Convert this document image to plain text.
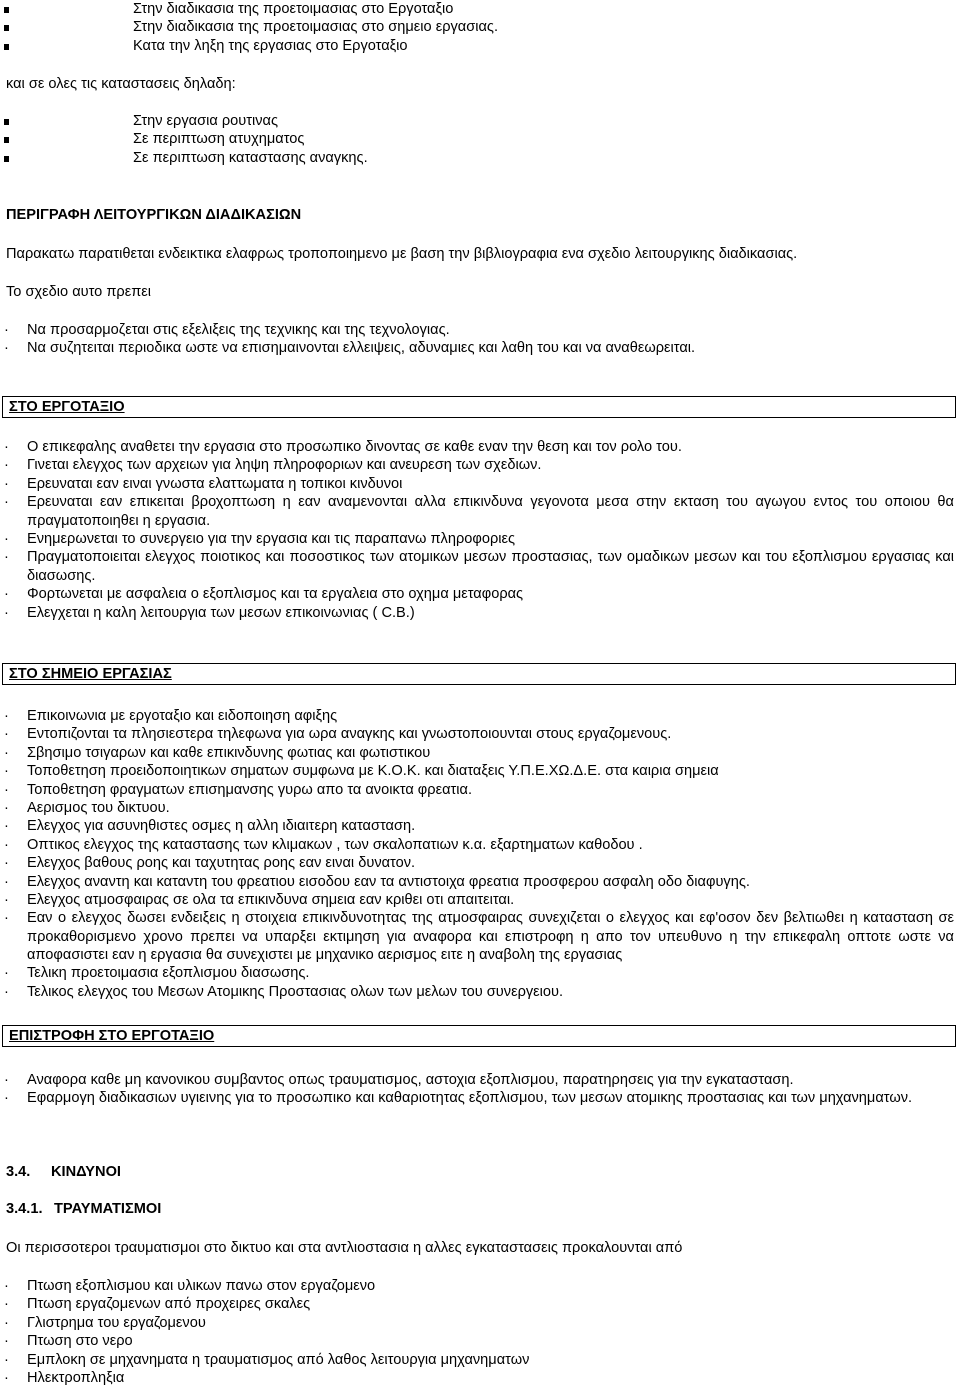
Στην διαδικασια της προετοιμασιας στο Εργοταξιο
Στην διαδικασια της προετοιμασιας στο σημειο εργασιας.
Κατα την ληξη της εργασιας στο Εργοταξιο
και σε ολες τις καταστασεις δηλαδη:
Στην εργασια ρουτινας
Σε περιπτωση ατυχηματος
Σε περιπτωση καταστασης αναγκης.
ΠΕΡΙΓΡΑΦΗ ΛΕΙΤΟΥΡΓΙΚΩΝ ΔΙΑΔΙΚΑΣΙΩΝ
Παρακατω παρατιθεται ενδεικτικα ελαφρως τροποποιημενο με βαση την βιβλιογραφια ενα σχεδιο λειτουργικης διαδικασιας.
Το σχεδιο αυτο πρεπει
· Να προσαρμοζεται στις εξελιξεις της τεχνικης και της τεχνολογιας.
· Να συζητειται περιοδικα ωστε να επισημαινονται ελλειψεις, αδυναμιες και λαθη του και να αναθεωρειται.
ΣΤΟ ΕΡΓΟΤΑΞΙΟ
· Ο επικεφαλης αναθετει την εργασια στο προσωπικο δινοντας σε καθε εναν την θεση και τον ρολο του.
· Γινεται ελεγχος των αρχειων για ληψη πληροφοριων και ανευρεση των σχεδιων.
· Ερευναται εαν ειναι γνωστα ελαττωματα η τοπικοι κινδυνοι
· Ερευναται εαν επικειται βροχοπτωση η εαν αναμενονται αλλα επικινδυνα γεγονοτα μεσα στην εκταση του αγωγου εντος του οποιου θα πραγματοποιηθει η εργασια.
· Ενημερωνεται το συνεργειο για την εργασια και τις παραπανω πληροφοριες
· Πραγματοποιειται ελεγχος ποιοτικος και ποσοστικος των ατομικων μεσων προστασιας, των ομαδικων μεσων και του εξοπλισμου εργασιας και διασωσης.
· Φορτωνεται με ασφαλεια ο εξοπλισμος και τα εργαλεια στο οχημα μεταφορας
· Ελεγχεται η καλη λειτουργια των μεσων επικοινωνιας ( C.B.)
ΣΤΟ ΣΗΜΕΙΟ ΕΡΓΑΣΙΑΣ
· Επικοινωνια με εργοταξιο και ειδοποιηση αφιξης
· Εντοπιζονται τα πλησιεστερα τηλεφωνα για ωρα αναγκης και γνωστοποιουνται στους εργαζομενους.
· Σβησιμο τσιγαρων και καθε επικινδυνης φωτιας και φωτιστικου
· Τοποθετηση προειδοποιητικων σηματων συμφωνα με Κ.Ο.Κ. και διαταξεις Υ.Π.Ε.ΧΩ.Δ.Ε. στα καιρια σημεια
· Τοποθετηση φραγματων επισημανσης γυρω απο τα ανοικτα φρεατια.
· Αερισμος του δικτυου.
· Ελεγχος για ασυνηθιστες οσμες η αλλη ιδιαιτερη κατασταση.
· Οπτικος ελεγχος της καταστασης των κλιμακων , των σκαλοπατιων κ.α. εξαρτηματων καθοδου .
· Ελεγχος βαθους ροης και ταχυτητας ροης εαν ειναι δυνατον.
· Ελεγχος αναντη και καταντη του φρεατιου εισοδου εαν τα αντιστοιχα φρεατια προσφερου ασφαλη οδο διαφυγης.
· Ελεγχος ατμοσφαιρας σε ολα τα επικινδυνα σημεια εαν κριθει οτι απαιτειται.
· Εαν ο ελεγχος δωσει ενδειξεις η στοιχεια επικινδυνοτητας της ατμοσφαιρας συνεχιζεται ο ελεγχος και εφ'οσον δεν βελτιωθει η κατασταση σε προκαθορισμενο χρονο πρεπει να υπαρξει εκτιμηση για αναφορα και επιστροφη η απο τον υπευθυνο η την επικεφαλη οπτοτε ωστε να αποφασιστει εαν η εργασια θα συνεχιστει με μηχανικο αερισμος ειτε η αναβολη της εργασιας
· Τελικη προετοιμασια εξοπλισμου διασωσης.
· Τελικος ελεγχος του Μεσων Ατομικης Προστασιας ολων των μελων του συνεργειου.
ΕΠΙΣΤΡΟΦΗ ΣΤΟ ΕΡΓΟΤΑΞΙΟ
· Αναφορα καθε μη κανονικου συμβαντος οπως τραυματισμος, αστοχια εξοπλισμου, παρατηρησεις για την εγκατασταση.
· Εφαρμογη διαδικασιων υγιεινης για το προσωπικο και καθαριοτητας εξοπλισμου, των μεσων ατομικης προστασιας και των μηχανηματων.
3.4. ΚΙΝΔΥΝΟΙ
3.4.1. ΤΡΑΥΜΑΤΙΣΜΟΙ
Οι περισσοτεροι τραυματισμοι στο δικτυο και στα αντλιοστασια η αλλες εγκαταστασεις προκαλουνται από
· Πτωση εξοπλισμου και υλικων πανω στον εργαζομενο
· Πτωση εργαζομενων από προχειρες σκαλες
· Γλιστρημα του εργαζομενου
· Πτωση στο νερο
· Εμπλοκη σε μηχανηματα η τραυματισμος από λαθος λειτουργια μηχανηματων
· Ηλεκτροπληξια
